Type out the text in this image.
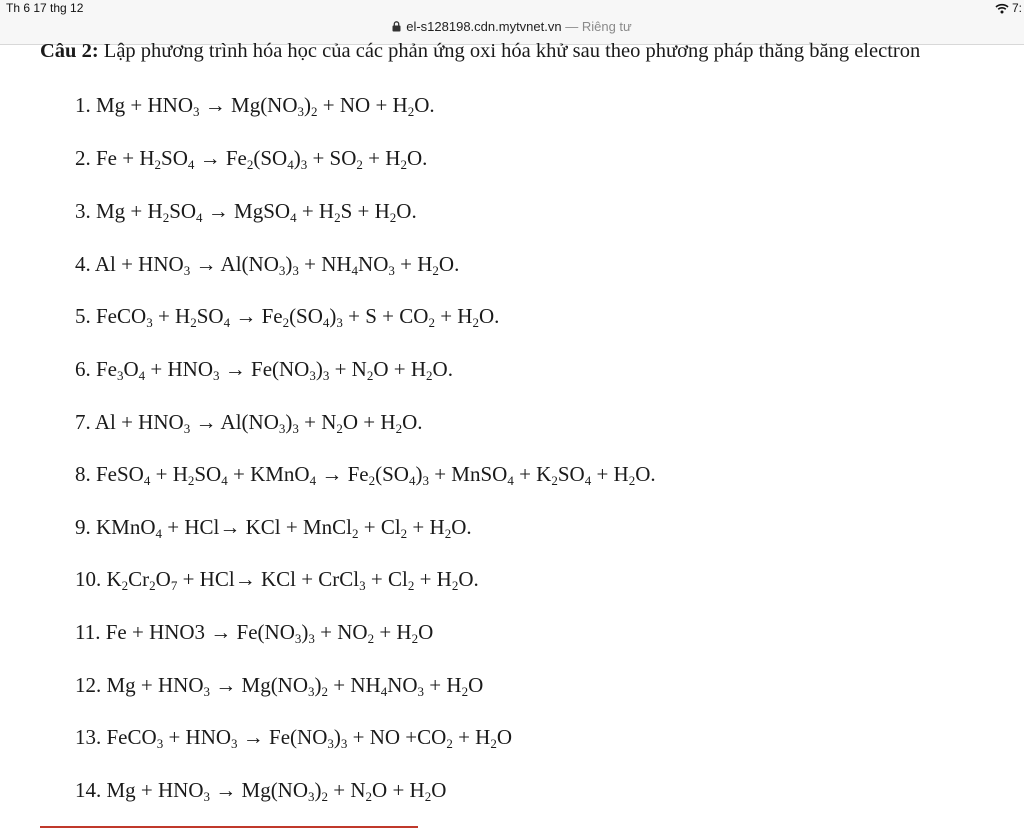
Th 6 17 thg 12	7:
el-s128198.cdn.mytvnet.vn — Riêng tư
Câu 2: Lập phương trình hóa học của các phản ứng oxi hóa khử sau theo phương pháp thăng băng electron
1. $Mg + HNO_3 \to Mg(NO_3)_2$ + NO + $H_2O$.
2. $Fe + H_2SO_4 \to Fe_2(SO_4)_3 + SO_2 + H_2O$.
3. $Mg + H_2SO_4$ → MgSO$_4$ + $H_2S + H_2O$.
4. $Al + HNO_3 \to Al(NO_3)_3 + NH_4NO_3 + H_2O$.
5. FeCO$_3$ + $H_2SO_4 \to Fe_2(SO_4)_3 + S + CO_2 + H_2O$.
6. $Fe_3O_4 + HNO_3 \to Fe(NO_3)_3 + N_2O + H_2O$.
7. $Al + HNO_3 \to Al(NO_3)_3 + N_2O + H_2O$.
8. FeSO$_4$ + $H_2SO_4$ + KMnO$_4$ → $Fe_2(SO_4)_3$ + MnSO$_4$ + $K_2SO_4 + H_2O$.
9. KMnO$_4$ + HCl→ KCl + MnCl$_2$ + $Cl_2 + H_2O$.
10. $K_2Cr_2O_7 + HCl\to$ KCl + CrCl$_3$ + $Cl_2 + H_2O$.
11. $Fe + HNO3 \to Fe(NO_3)_3 + NO_2 + H_2O$
12. $Mg + HNO_3 \to Mg(NO_3)_2 + NH_4NO_3 + H_2O$
13. FeCO$_3$ + $HNO_3 \to Fe(NO_3)_3$ + NO $+CO_2 + H_2O$
14. $Mg + HNO_3 \to Mg(NO_3)_2 + N_2O + H_2O$
